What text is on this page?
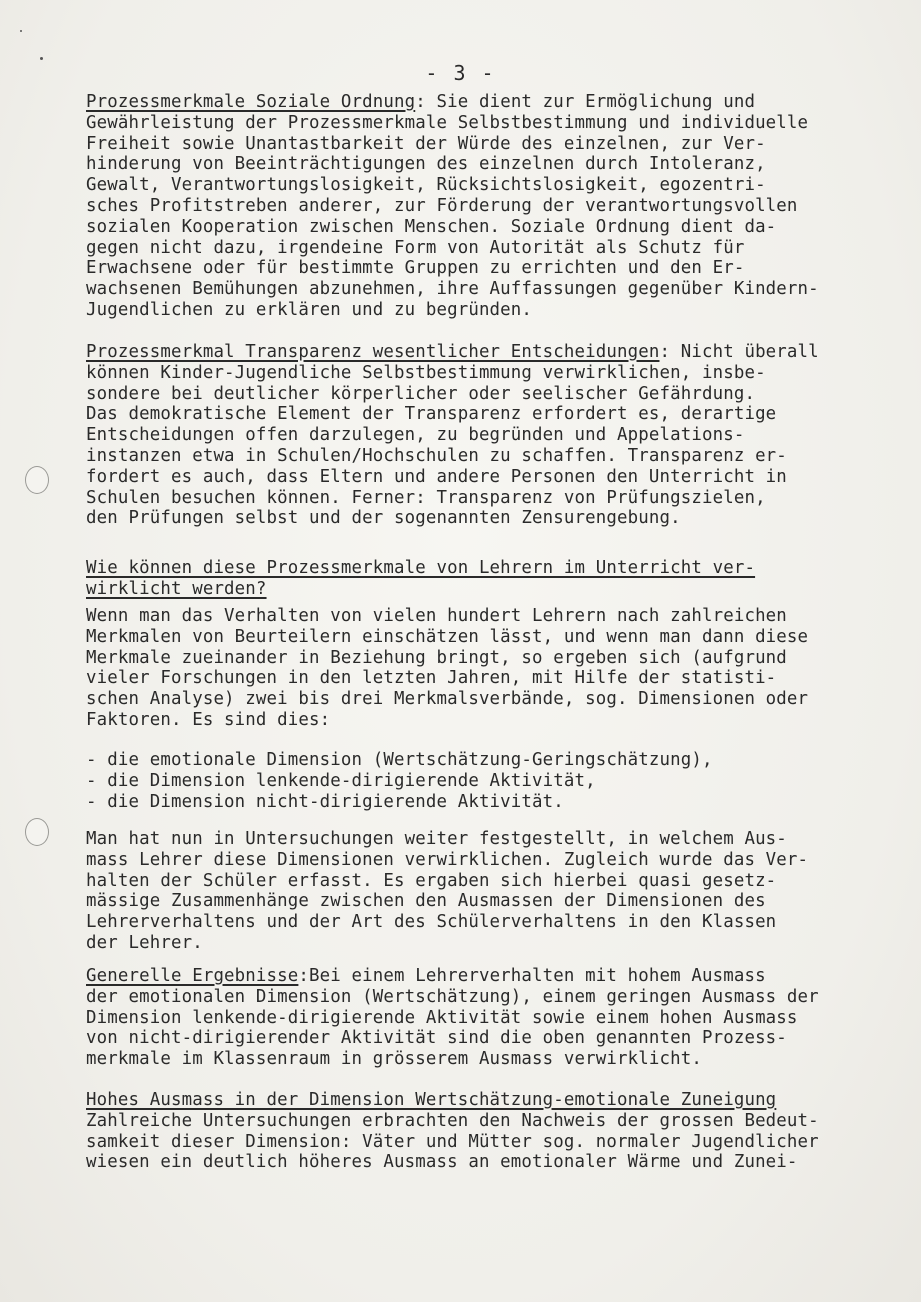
- 3 -
Prozessmerkmale Soziale Ordnung: Sie dient zur Ermöglichung und
Gewährleistung der Prozessmerkmale Selbstbestimmung und individuelle
Freiheit sowie Unantastbarkeit der Würde des einzelnen, zur Ver-
hinderung von Beeinträchtigungen des einzelnen durch Intoleranz,
Gewalt, Verantwortungslosigkeit, Rücksichtslosigkeit, egozentri-
sches Profitstreben anderer, zur Förderung der verantwortungsvollen
sozialen Kooperation zwischen Menschen. Soziale Ordnung dient da-
gegen nicht dazu, irgendeine Form von Autorität als Schutz für
Erwachsene oder für bestimmte Gruppen zu errichten und den Er-
wachsenen Bemühungen abzunehmen, ihre Auffassungen gegenüber Kindern-
Jugendlichen zu erklären und zu begründen.
Prozessmerkmal Transparenz wesentlicher Entscheidungen: Nicht überall
können Kinder-Jugendliche Selbstbestimmung verwirklichen, insbe-
sondere bei deutlicher körperlicher oder seelischer Gefährdung.
Das demokratische Element der Transparenz erfordert es, derartige
Entscheidungen offen darzulegen, zu begründen und Appelations-
instanzen etwa in Schulen/Hochschulen zu schaffen. Transparenz er-
fordert es auch, dass Eltern und andere Personen den Unterricht in
Schulen besuchen können. Ferner: Transparenz von Prüfungszielen,
den Prüfungen selbst und der sogenannten Zensurengebung.
Wie können diese Prozessmerkmale von Lehrern im Unterricht ver-
wirklicht werden?
Wenn man das Verhalten von vielen hundert Lehrern nach zahlreichen
Merkmalen von Beurteilern einschätzen lässt, und wenn man dann diese
Merkmale zueinander in Beziehung bringt, so ergeben sich (aufgrund
vieler Forschungen in den letzten Jahren, mit Hilfe der statisti-
schen Analyse) zwei bis drei Merkmalsverbände, sog. Dimensionen oder
Faktoren. Es sind dies:
- die emotionale Dimension (Wertschätzung-Geringschätzung),
- die Dimension lenkende-dirigierende Aktivität,
- die Dimension nicht-dirigierende Aktivität.
Man hat nun in Untersuchungen weiter festgestellt, in welchem Aus-
mass Lehrer diese Dimensionen verwirklichen. Zugleich wurde das Ver-
halten der Schüler erfasst. Es ergaben sich hierbei quasi gesetz-
mässige Zusammenhänge zwischen den Ausmassen der Dimensionen des
Lehrerverhaltens und der Art des Schülerverhaltens in den Klassen
der Lehrer.
Generelle Ergebnisse:Bei einem Lehrerverhalten mit hohem Ausmass
der emotionalen Dimension (Wertschätzung), einem geringen Ausmass der
Dimension lenkende-dirigierende Aktivität sowie einem hohen Ausmass
von nicht-dirigierender Aktivität sind die oben genannten Prozess-
merkmale im Klassenraum in grösserem Ausmass verwirklicht.
Hohes Ausmass in der Dimension Wertschätzung-emotionale Zuneigung
Zahlreiche Untersuchungen erbrachten den Nachweis der grossen Bedeut-
samkeit dieser Dimension: Väter und Mütter sog. normaler Jugendlicher
wiesen ein deutlich höheres Ausmass an emotionaler Wärme und Zunei-
